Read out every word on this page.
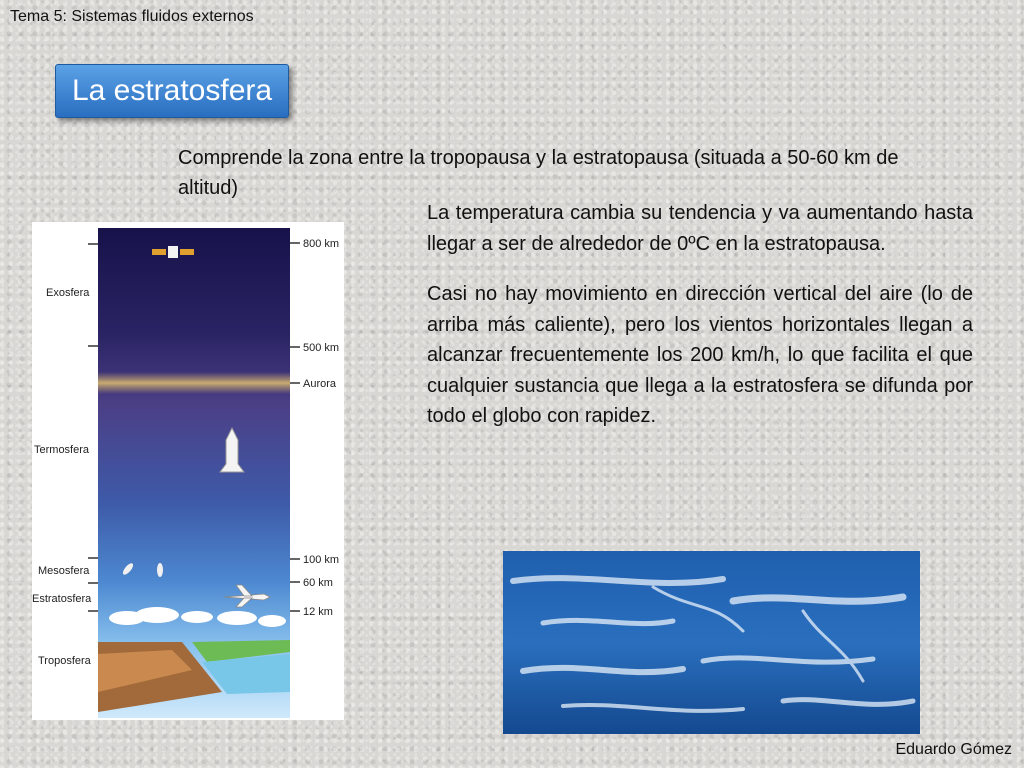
Tema 5: Sistemas fluidos externos
La estratosfera
Comprende la zona entre la tropopausa y la estratopausa (situada a 50-60 km de altitud)

La temperatura cambia su tendencia y va aumentando hasta llegar a ser de alrededor de 0ºC en la estratopausa.

Casi no hay movimiento en dirección vertical del aire (lo de arriba más caliente), pero los vientos horizontales llegan a alcanzar frecuentemente los 200 km/h, lo que facilita el que cualquier sustancia que llega a la estratosfera se difunda por todo el globo con rapidez.

Exosfera
Termosfera
Mesosfera
Estratosfera
Troposfera
800 km
500 km
Aurora
100 km
60 km
12 km
Eduardo Gómez
